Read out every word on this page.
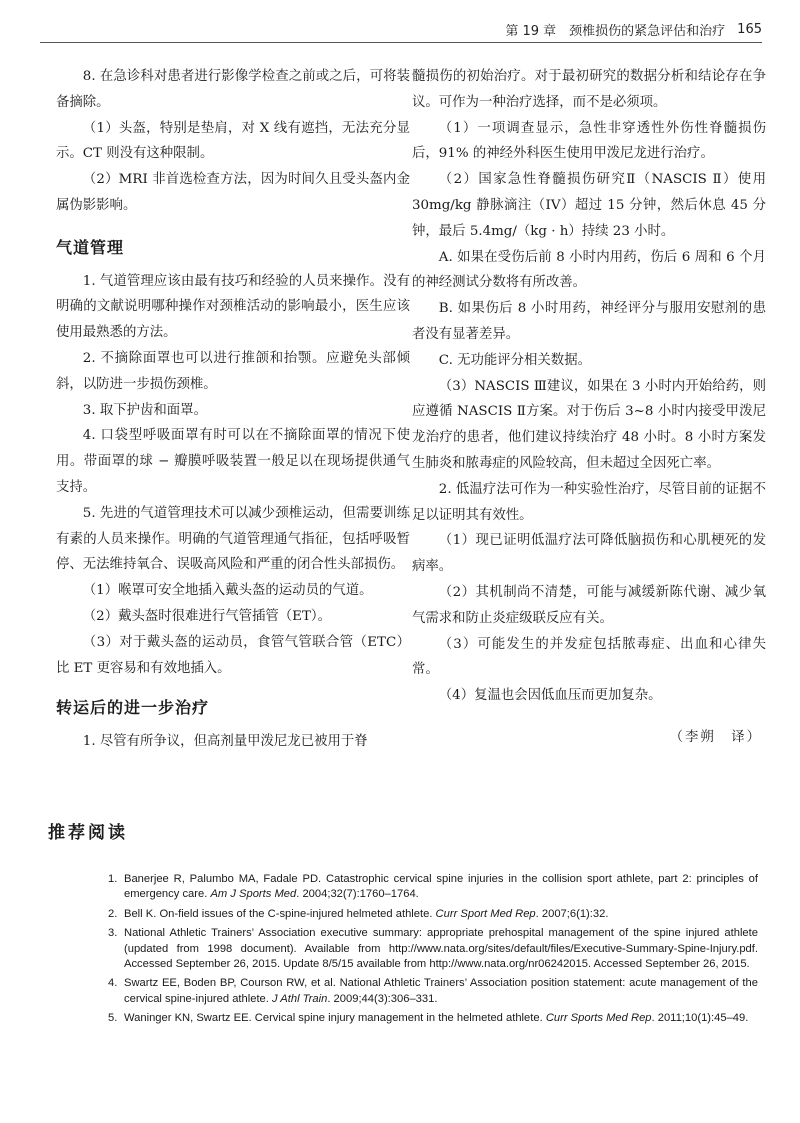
第 19 章　颈椎损伤的紧急评估和治疗 165

8. 在急诊科对患者进行影像学检查之前或之后，可将装备摘除。

（1）头盔，特别是垫肩，对 X 线有遮挡，无法充分显示。CT 则没有这种限制。

（2）MRI 非首选检查方法，因为时间久且受头盔内金属伪影影响。

气道管理

1. 气道管理应该由最有技巧和经验的人员来操作。没有明确的文献说明哪种操作对颈椎活动的影响最小，医生应该使用最熟悉的方法。

2. 不摘除面罩也可以进行推颌和抬颚。应避免头部倾斜，以防进一步损伤颈椎。

3. 取下护齿和面罩。

4. 口袋型呼吸面罩有时可以在不摘除面罩的情况下使用。带面罩的球 − 瓣膜呼吸装置一般足以在现场提供通气支持。

5. 先进的气道管理技术可以减少颈椎运动，但需要训练有素的人员来操作。明确的气道管理通气指征，包括呼吸暂停、无法维持氧合、误吸高风险和严重的闭合性头部损伤。

（1）喉罩可安全地插入戴头盔的运动员的气道。

（2）戴头盔时很难进行气管插管（ET）。

（3）对于戴头盔的运动员，食管气管联合管（ETC）比 ET 更容易和有效地插入。

转运后的进一步治疗

1. 尽管有所争议，但高剂量甲泼尼龙已被用于脊

髓损伤的初始治疗。对于最初研究的数据分析和结论存在争议。可作为一种治疗选择，而不是必须项。

（1）一项调查显示，急性非穿透性外伤性脊髓损伤后，91% 的神经外科医生使用甲泼尼龙进行治疗。

（2）国家急性脊髓损伤研究Ⅱ（NASCIS Ⅱ）使用 30mg/kg 静脉滴注（IV）超过 15 分钟，然后休息 45 分钟，最后 5.4mg/（kg · h）持续 23 小时。

A. 如果在受伤后前 8 小时内用药，伤后 6 周和 6 个月的神经测试分数将有所改善。

B. 如果伤后 8 小时用药，神经评分与服用安慰剂的患者没有显著差异。

C. 无功能评分相关数据。

（3）NASCIS Ⅲ建议，如果在 3 小时内开始给药，则应遵循 NASCIS Ⅱ方案。对于伤后 3~8 小时内接受甲泼尼龙治疗的患者，他们建议持续治疗 48 小时。8 小时方案发生肺炎和脓毒症的风险较高，但未超过全因死亡率。

2. 低温疗法可作为一种实验性治疗，尽管目前的证据不足以证明其有效性。

（1）现已证明低温疗法可降低脑损伤和心肌梗死的发病率。

（2）其机制尚不清楚，可能与减缓新陈代谢、减少氧气需求和防止炎症级联反应有关。

（3）可能发生的并发症包括脓毒症、出血和心律失常。

（4）复温也会因低血压而更加复杂。

（李朔　译）
推荐阅读
1. Banerjee R, Palumbo MA, Fadale PD. Catastrophic cervical spine injuries in the collision sport athlete, part 2: principles of emergency care. Am J Sports Med. 2004;32(7):1760–1764.
2. Bell K. On-field issues of the C-spine-injured helmeted athlete. Curr Sport Med Rep. 2007;6(1):32.
3. National Athletic Trainers’ Association executive summary: appropriate prehospital management of the spine injured athlete (updated from 1998 document). Available from http://www.nata.org/sites/default/files/Executive-Summary-Spine-Injury.pdf. Accessed September 26, 2015. Update 8/5/15 available from http://www.nata.org/nr06242015. Accessed September 26, 2015.
4. Swartz EE, Boden BP, Courson RW, et al. National Athletic Trainers’ Association position statement: acute management of the cervical spine-injured athlete. J Athl Train. 2009;44(3):306–331.
5. Waninger KN, Swartz EE. Cervical spine injury management in the helmeted athlete. Curr Sports Med Rep. 2011;10(1):45–49.
